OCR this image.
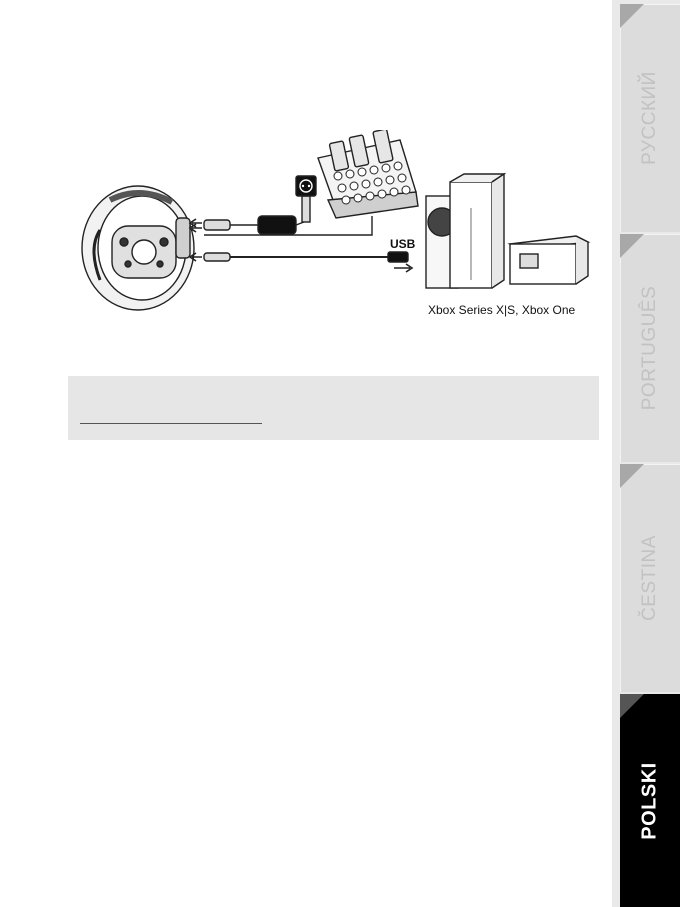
USB
Xbox Series X|S, Xbox One
РУССКИЙ
PORTUGUÊS
ČESTINA
POLSKI
